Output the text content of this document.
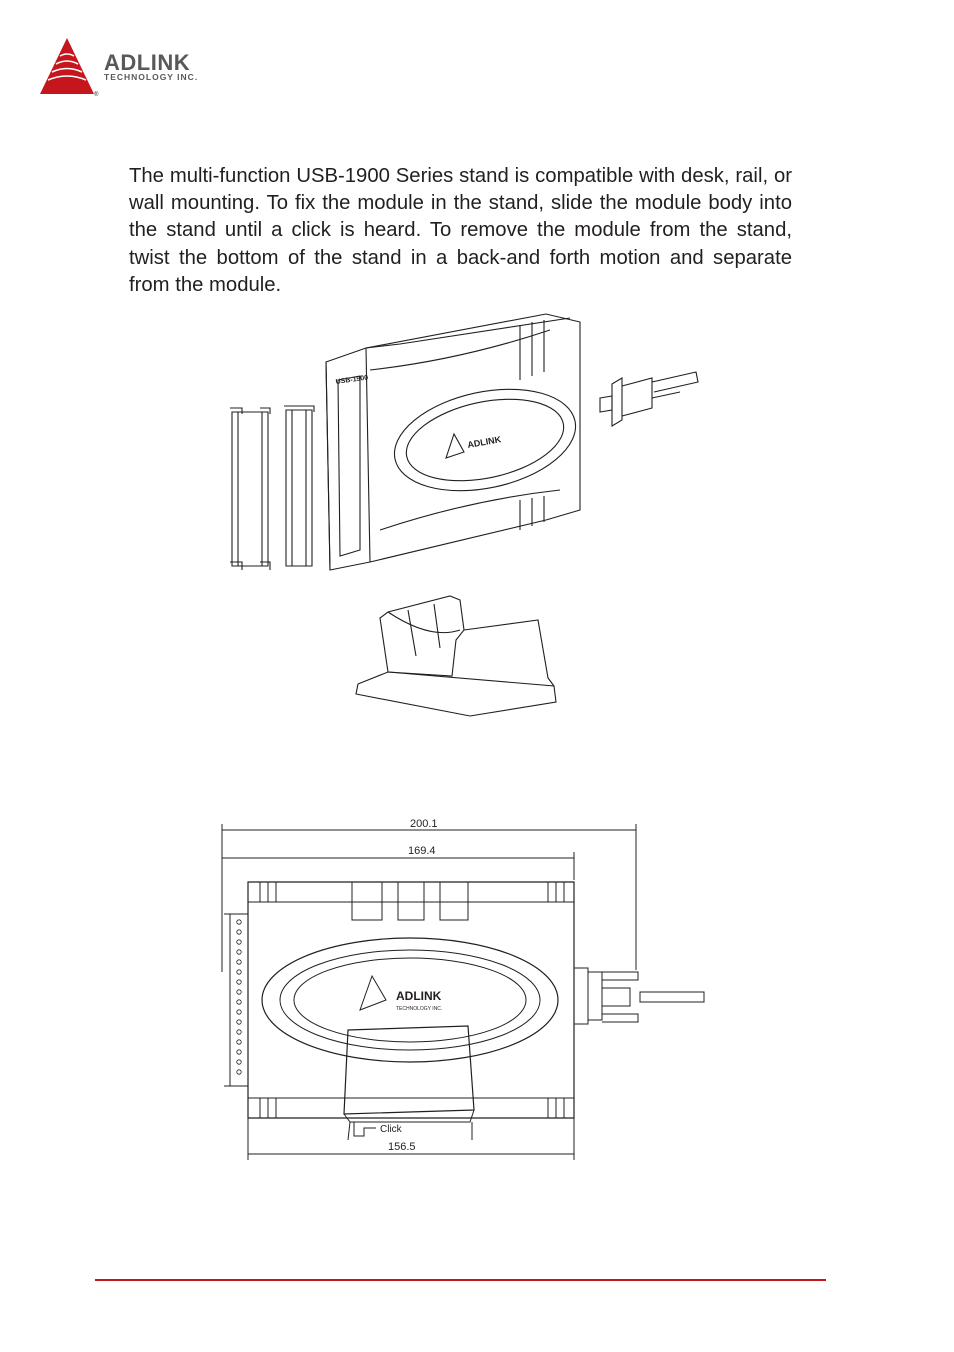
®
ADLINK
TECHNOLOGY INC.

The multi-function USB-1900 Series stand is compatible with desk, rail, or wall mounting. To fix the module in the stand, slide the module body into the stand until a click is heard. To remove the module from the stand, twist the bottom of the stand in a back-and forth motion and separate from the module.

ADLINK
USB-1900
ADLINK
TECHNOLOGY INC.
Click
200.1
169.4
156.5
